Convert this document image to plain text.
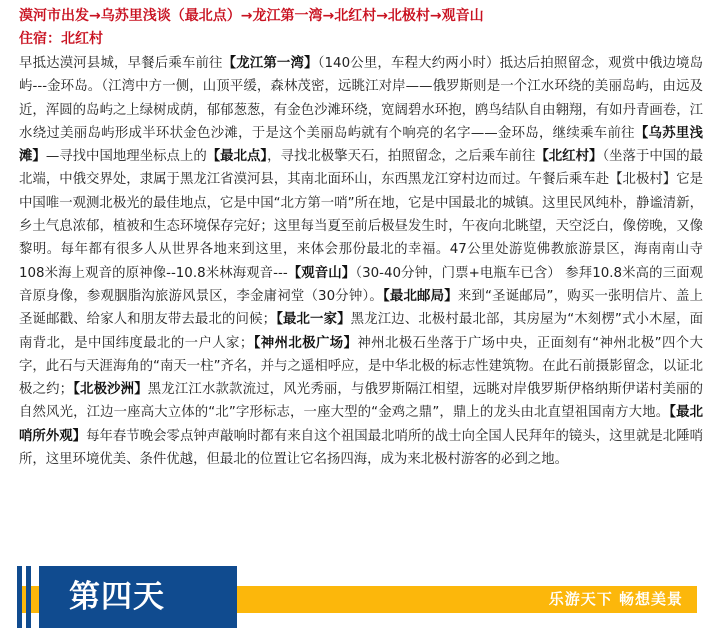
漠河市出发→乌苏里浅谈（最北点）→龙江第一湾→北红村→北极村→观音山
住宿：北红村
早抵达漠河县城，早餐后乘车前往【龙江第一湾】（140公里，车程大约两小时）抵达后拍照留念，观赏中俄边境岛屿---金环岛。（江湾中方一侧，山顶平缓，森林茂密，远眺江对岸——俄罗斯则是一个江水环绕的美丽岛屿，由远及近，浑圆的岛屿之上绿树成荫，郁郁葱葱，有金色沙滩环绕，宽阔碧水环抱，鸥鸟结队自由翱翔，有如丹青画卷，江水绕过美丽岛屿形成半环状金色沙滩，于是这个美丽岛屿就有个响亮的名字——金环岛，继续乘车前往【乌苏里浅滩】—寻找中国地理坐标点上的【最北点】，寻找北极擎天石，拍照留念，之后乘车前往【北红村】（坐落于中国的最北端，中俄交界处，隶属于黑龙江省漠河县，其南北面环山，东西黑龙江穿村边而过。午餐后乘车赴【北极村】它是中国唯一观测北极光的最佳地点，它是中国“北方第一哨”所在地，它是中国最北的城镇。这里民风纯朴，静谧清新，乡土气息浓郁，植被和生态环境保存完好；这里每当夏至前后极昼发生时，午夜向北眺望，天空泛白，像傍晚，又像黎明。每年都有很多人从世界各地来到这里，来体会那份最北的幸福。47公里处游览佛教旅游景区，海南南山寺108米海上观音的原神像--10.8米林海观音---【观音山】（30-40分钟，门票+电瓶车已含） 参拜10.8米高的三面观音原身像，参观胭脂沟旅游风景区，李金庸祠堂（30分钟）。【最北邮局】来到“圣诞邮局”，购买一张明信片、盖上圣诞邮戳、给家人和朋友带去最北的问候；【最北一家】黑龙江边、北极村最北部，其房屋为“木刻楞”式小木屋，面南背北，是中国纬度最北的一户人家；【神州北极广场】神州北极石坐落于广场中央，正面刻有“神州北极”四个大字，此石与天涯海角的“南天一柱”齐名，并与之遥相呼应，是中华北极的标志性建筑物。在此石前摄影留念，以证北极之约；【北极沙洲】黑龙江江水款款流过，风光秀丽，与俄罗斯隔江相望，远眺对岸俄罗斯伊格纳斯伊诺村美丽的自然风光，江边一座高大立体的“北”字形标志，一座大型的“金鸡之鼎”，鼎上的龙头由北直望祖国南方大地。【最北哨所外观】每年春节晚会零点钟声敲响时都有来自这个祖国最北哨所的战士向全国人民拜年的镜头，这里就是北陲哨所，这里环境优美、条件优越，但最北的位置让它名扬四海，成为来北极村游客的必到之地。
第四天	乐游天下 畅想美景
